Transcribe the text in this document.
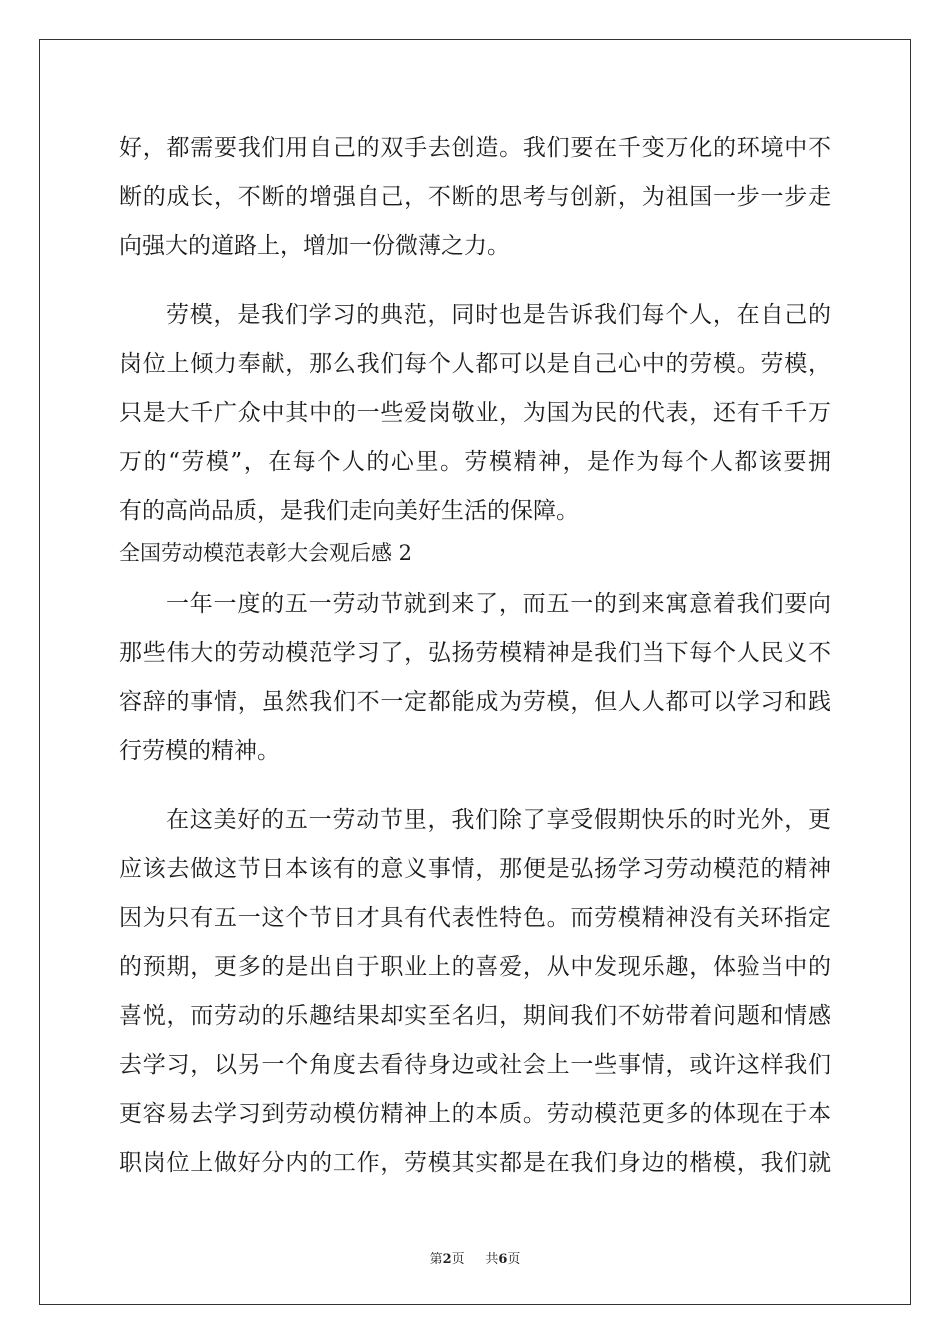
好，都需要我们用自己的双手去创造。我们要在千变万化的环境中不
断的成长，不断的增强自己，不断的思考与创新，为祖国一步一步走
向强大的道路上，增加一份微薄之力。
劳模，是我们学习的典范，同时也是告诉我们每个人，在自己的
岗位上倾力奉献，那么我们每个人都可以是自己心中的劳模。劳模，
只是大千广众中其中的一些爱岗敬业，为国为民的代表，还有千千万
万的“劳模”，在每个人的心里。劳模精神，是作为每个人都该要拥
有的高尚品质，是我们走向美好生活的保障。
全国劳动模范表彰大会观后感 2
一年一度的五一劳动节就到来了，而五一的到来寓意着我们要向
那些伟大的劳动模范学习了，弘扬劳模精神是我们当下每个人民义不
容辞的事情，虽然我们不一定都能成为劳模，但人人都可以学习和践
行劳模的精神。
在这美好的五一劳动节里，我们除了享受假期快乐的时光外，更
应该去做这节日本该有的意义事情，那便是弘扬学习劳动模范的精神
因为只有五一这个节日才具有代表性特色。而劳模精神没有关环指定
的预期，更多的是出自于职业上的喜爱，从中发现乐趣，体验当中的
喜悦，而劳动的乐趣结果却实至名归，期间我们不妨带着问题和情感
去学习，以另一个角度去看待身边或社会上一些事情，或许这样我们
更容易去学习到劳动模仿精神上的本质。劳动模范更多的体现在于本
职岗位上做好分内的工作，劳模其实都是在我们身边的楷模，我们就
第2页 共6页
